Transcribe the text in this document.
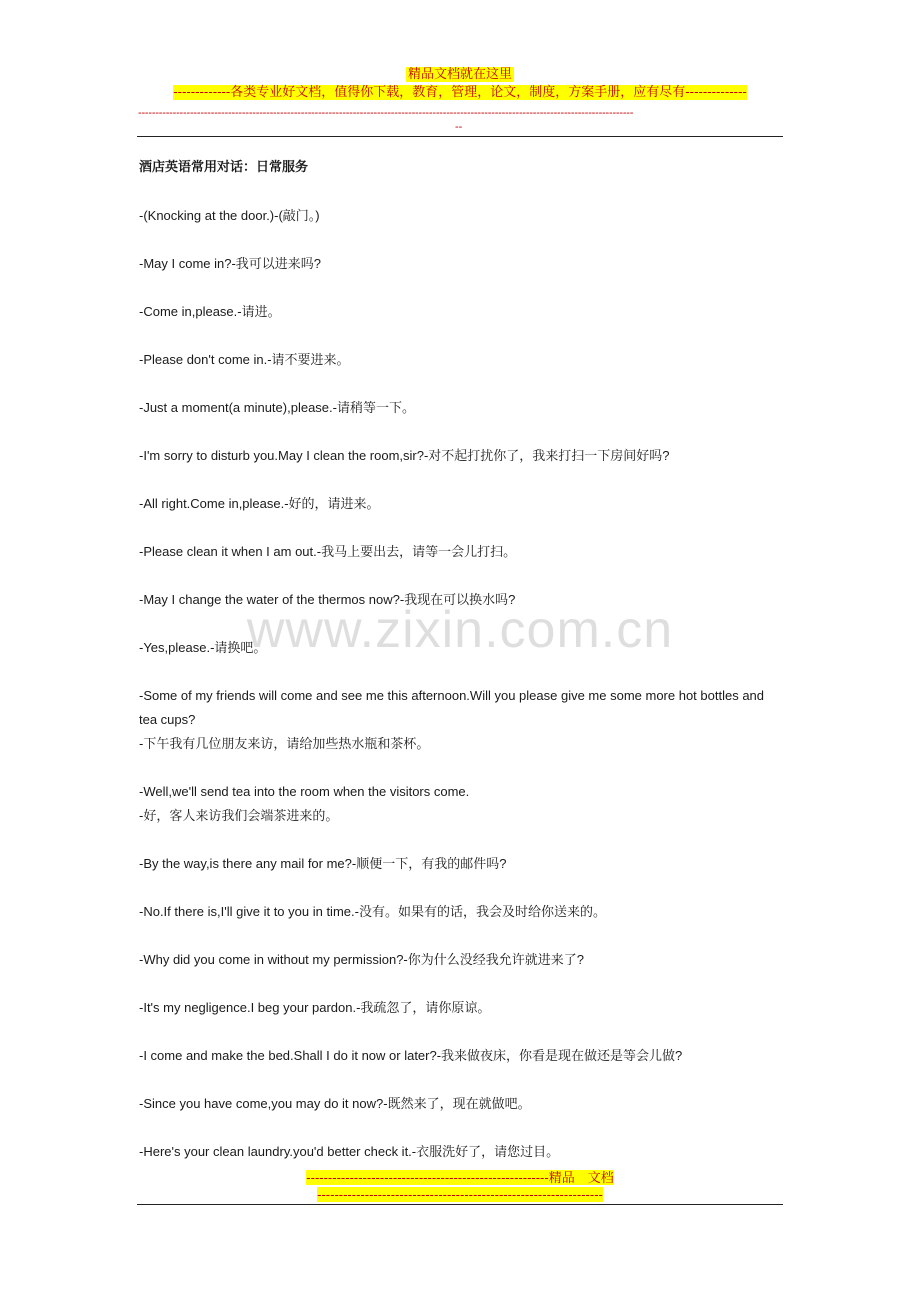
精品文档就在这里
-------------各类专业好文档，值得你下载，教育，管理，论文，制度，方案手册，应有尽有--------------
-----------------------------------------------------------------------------------------------------------------------------------------------
--
www.zixin.com.cn
酒店英语常用对话：日常服务
-(Knocking at the door.)-(敲门。)
-May I come in?-我可以进来吗?
-Come in,please.-请进。
-Please don't come in.-请不要进来。
-Just a moment(a minute),please.-请稍等一下。
-I'm sorry to disturb you.May I clean the room,sir?-对不起打扰你了，我来打扫一下房间好吗?
-All right.Come in,please.-好的，请进来。
-Please clean it when I am out.-我马上要出去，请等一会儿打扫。
-May I change the water of the thermos now?-我现在可以换水吗?
-Yes,please.-请换吧。
-Some of my friends will come and see me this afternoon.Will you please give me some more hot bottles and tea cups?
-下午我有几位朋友来访，请给加些热水瓶和茶杯。
-Well,we'll send tea into the room when the visitors come.
-好，客人来访我们会端茶进来的。
-By the way,is there any mail for me?-顺便一下，有我的邮件吗?
-No.If there is,I'll give it to you in time.-没有。如果有的话，我会及时给你送来的。
-Why did you come in without my permission?-你为什么没经我允许就进来了?
-It's my negligence.I beg your pardon.-我疏忽了，请你原谅。
-I come and make the bed.Shall I do it now or later?-我来做夜床，你看是现在做还是等会儿做?
-Since you have come,you may do it now?-既然来了，现在就做吧。
-Here's your clean laundry.you'd better check it.-衣服洗好了，请您过目。
--------------------------------------------------------精品　文档
------------------------------------------------------------------
